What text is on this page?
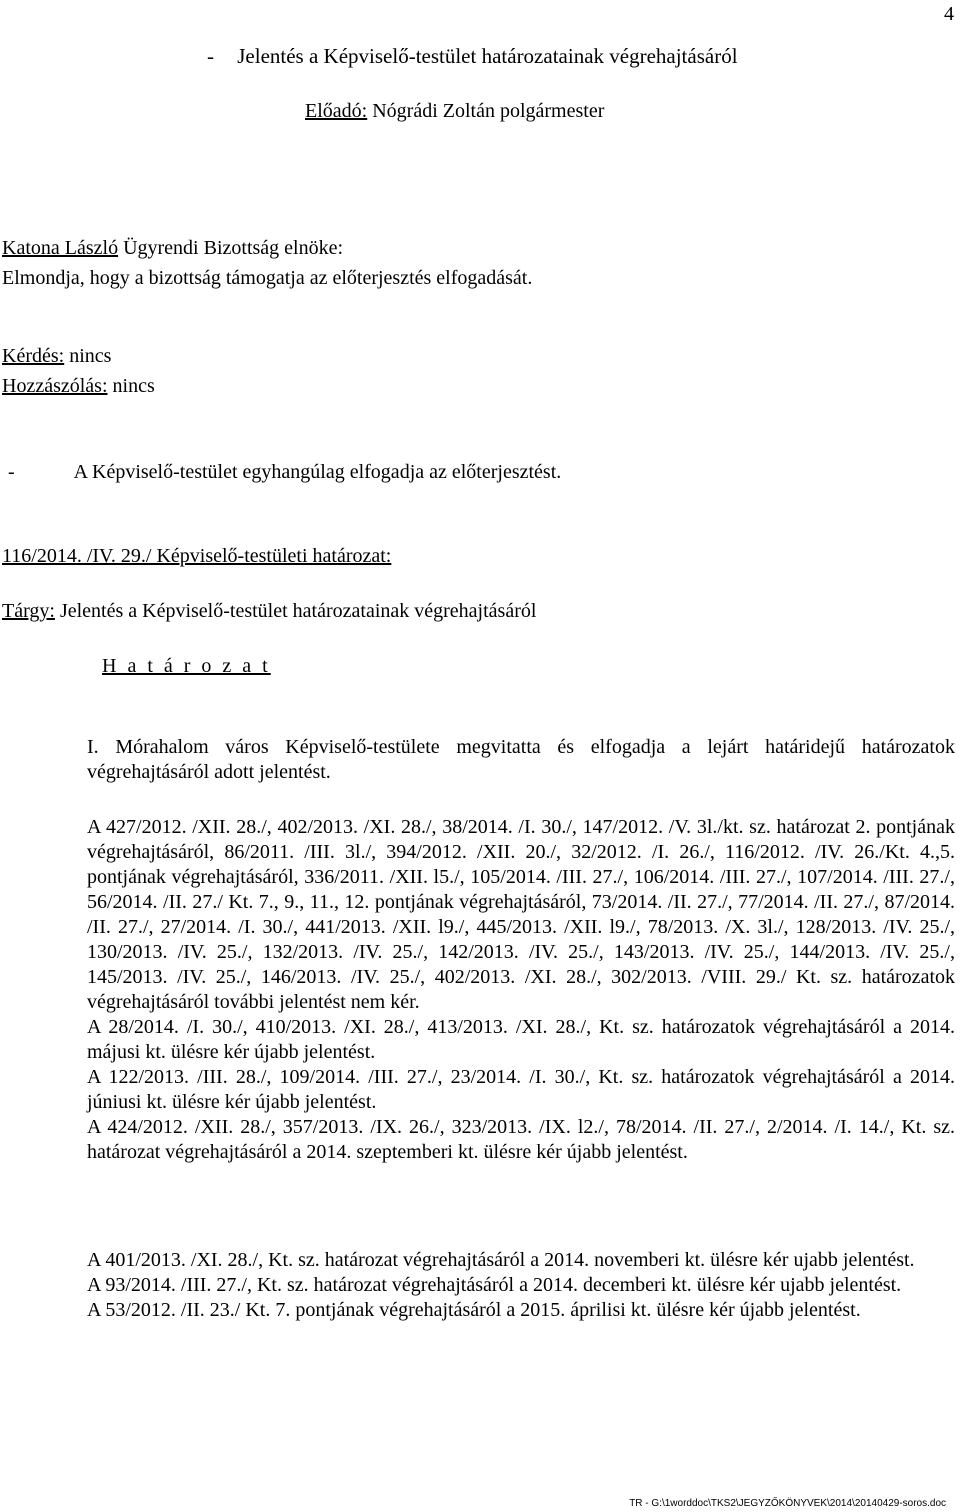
4
- Jelentés a Képviselő-testület határozatainak végrehajtásáról
Előadó: Nógrádi Zoltán polgármester
Katona László Ügyrendi Bizottság elnöke:
Elmondja, hogy a bizottság támogatja az előterjesztés elfogadását.
Kérdés: nincs
Hozzászólás: nincs
-	A Képviselő-testület egyhangúlag elfogadja az előterjesztést.
116/2014. /IV. 29./ Képviselő-testületi határozat:
Tárgy: Jelentés a Képviselő-testület határozatainak végrehajtásáról
H a t á r o z a t

I. Mórahalom város Képviselő-testülete megvitatta és elfogadja a lejárt határidejű határozatok végrehajtásáról adott jelentést.

A 427/2012. /XII. 28./, 402/2013. /XI. 28./, 38/2014. /I. 30./, 147/2012. /V. 3l./kt. sz. határozat 2. pontjának végrehajtásáról, 86/2011. /III. 3l./, 394/2012. /XII. 20./, 32/2012. /I. 26./, 116/2012. /IV. 26./Kt. 4.,5. pontjának végrehajtásáról, 336/2011. /XII. l5./, 105/2014. /III. 27./, 106/2014. /III. 27./, 107/2014. /III. 27./, 56/2014. /II. 27./ Kt. 7., 9., 11., 12. pontjának végrehajtásáról, 73/2014. /II. 27./, 77/2014. /II. 27./, 87/2014. /II. 27./, 27/2014. /I. 30./, 441/2013. /XII. l9./, 445/2013. /XII. l9./, 78/2013. /X. 3l./, 128/2013. /IV. 25./, 130/2013. /IV. 25./, 132/2013. /IV. 25./, 142/2013. /IV. 25./, 143/2013. /IV. 25./, 144/2013. /IV. 25./, 145/2013. /IV. 25./, 146/2013. /IV. 25./, 402/2013. /XI. 28./, 302/2013. /VIII. 29./ Kt. sz. határozatok végrehajtásáról további jelentést nem kér.

A 28/2014. /I. 30./, 410/2013. /XI. 28./, 413/2013. /XI. 28./, Kt. sz. határozatok végrehajtásáról a 2014. májusi kt. ülésre kér újabb jelentést.

A 122/2013. /III. 28./, 109/2014. /III. 27./, 23/2014. /I. 30./, Kt. sz. határozatok végrehajtásáról a 2014. júniusi kt. ülésre kér újabb jelentést.

A 424/2012. /XII. 28./, 357/2013. /IX. 26./, 323/2013. /IX. l2./, 78/2014. /II. 27./, 2/2014. /I. 14./, Kt. sz. határozat végrehajtásáról a 2014. szeptemberi kt. ülésre kér újabb jelentést.

A 401/2013. /XI. 28./, Kt. sz. határozat végrehajtásáról a 2014. novemberi kt. ülésre kér ujabb jelentést.

A 93/2014. /III. 27./, Kt. sz. határozat végrehajtásáról a 2014. decemberi kt. ülésre kér ujabb jelentést.

A 53/2012. /II. 23./ Kt. 7. pontjának végrehajtásáról a 2015. áprilisi kt. ülésre kér újabb jelentést.

TR - G:\1worddoc\TKS2\JEGYZŐKÖNYVEK\2014\20140429-soros.doc
